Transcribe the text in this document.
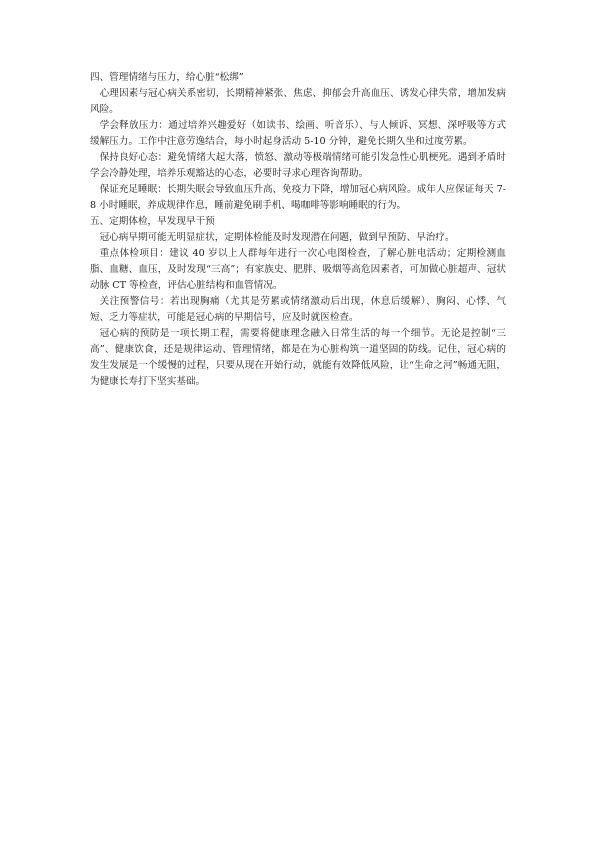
四、管理情绪与压力，给心脏“松绑”

心理因素与冠心病关系密切，长期精神紧张、焦虑、抑郁会升高血压、诱发心律失常，增加发病风险。

学会释放压力：通过培养兴趣爱好（如读书、绘画、听音乐）、与人倾诉、冥想、深呼吸等方式缓解压力。工作中注意劳逸结合，每小时起身活动 5-10 分钟，避免长期久坐和过度劳累。

保持良好心态：避免情绪大起大落，愤怒、激动等极端情绪可能引发急性心肌梗死。遇到矛盾时学会冷静处理，培养乐观豁达的心态，必要时寻求心理咨询帮助。

保证充足睡眠：长期失眠会导致血压升高、免疫力下降，增加冠心病风险。成年人应保证每天 7-8 小时睡眠，养成规律作息，睡前避免刷手机、喝咖啡等影响睡眠的行为。

五、定期体检，早发现早干预

冠心病早期可能无明显症状，定期体检能及时发现潜在问题，做到早预防、早治疗。

重点体检项目：建议 40 岁以上人群每年进行一次心电图检查，了解心脏电活动；定期检测血脂、血糖、血压，及时发现“三高”；有家族史、肥胖、吸烟等高危因素者，可加做心脏超声、冠状动脉 CT 等检查，评估心脏结构和血管情况。

关注预警信号：若出现胸痛（尤其是劳累或情绪激动后出现，休息后缓解）、胸闷、心悸、气短、乏力等症状，可能是冠心病的早期信号，应及时就医检查。

冠心病的预防是一项长期工程，需要将健康理念融入日常生活的每一个细节。无论是控制“三高”、健康饮食，还是规律运动、管理情绪，都是在为心脏构筑一道坚固的防线。记住，冠心病的发生发展是一个缓慢的过程，只要从现在开始行动，就能有效降低风险，让“生命之河”畅通无阻，为健康长寿打下坚实基础。
